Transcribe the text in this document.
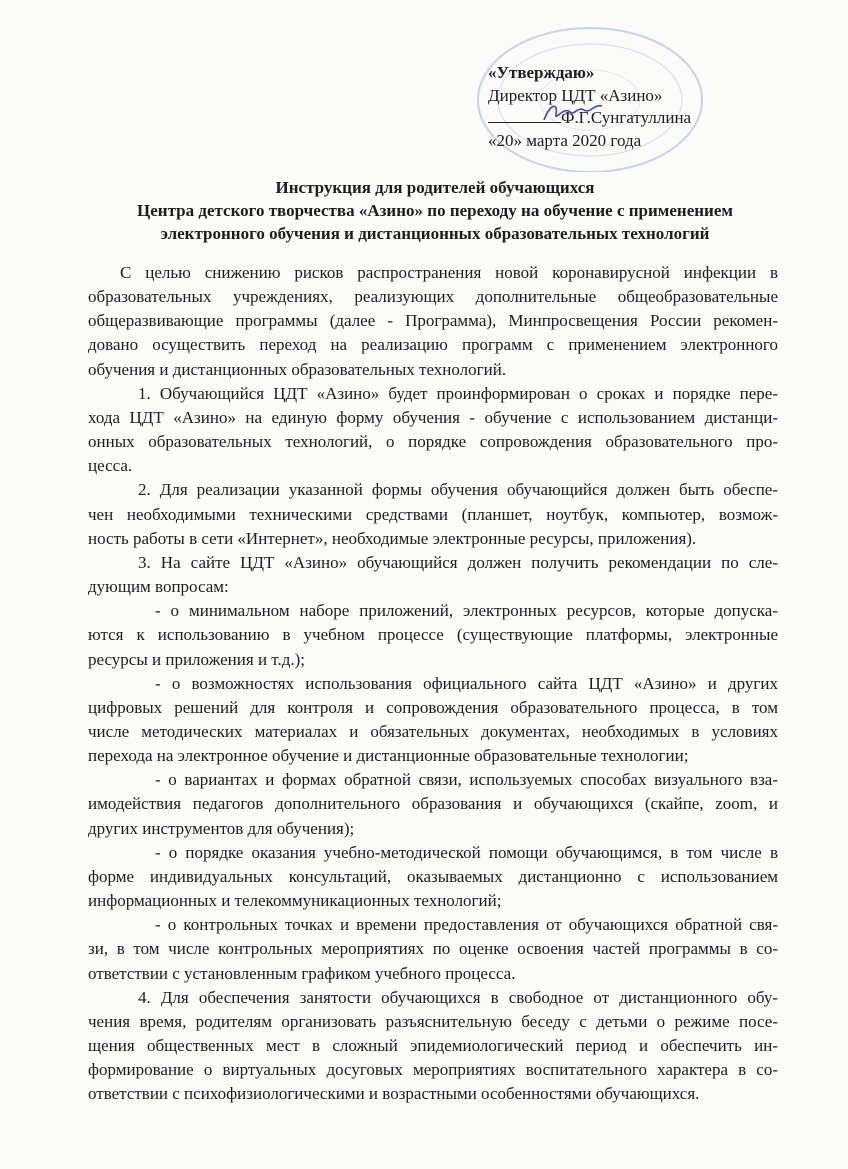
«Утверждаю»
Директор ЦДТ «Азино»
Ф.Г.Сунгатуллина
«20» марта 2020 года
Инструкция для родителей обучающихся
Центра детского творчества «Азино» по переходу на обучение с применением
электронного обучения и дистанционных образовательных технологий
С целью снижению рисков распространения новой коронавирусной инфекции в
образовательных учреждениях, реализующих дополнительные общеобразовательные
общеразвивающие программы (далее - Программа), Минпросвещения России рекомен-
довано осуществить переход на реализацию программ с применением электронного
обучения и дистанционных образовательных технологий.
1. Обучающийся ЦДТ «Азино» будет проинформирован о сроках и порядке пере-
хода ЦДТ «Азино» на единую форму обучения - обучение с использованием дистанци-
онных образовательных технологий, о порядке сопровождения образовательного про-
цесса.
2. Для реализации указанной формы обучения обучающийся должен быть обеспе-
чен необходимыми техническими средствами (планшет, ноутбук, компьютер, возмож-
ность работы в сети «Интернет», необходимые электронные ресурсы, приложения).
3. На сайте ЦДТ «Азино» обучающийся должен получить рекомендации по сле-
дующим вопросам:
- о минимальном наборе приложений, электронных ресурсов, которые допуска-
ются к использованию в учебном процессе (существующие платформы, электронные
ресурсы и приложения и т.д.);
- о возможностях использования официального сайта ЦДТ «Азино» и других
цифровых решений для контроля и сопровождения образовательного процесса, в том
числе методических материалах и обязательных документах, необходимых в условиях
перехода на электронное обучение и дистанционные образовательные технологии;
- о вариантах и формах обратной связи, используемых способах визуального вза-
имодействия педагогов дополнительного образования и обучающихся (скайпе, zoom, и
других инструментов для обучения);
- о порядке оказания учебно-методической помощи обучающимся, в том числе в
форме индивидуальных консультаций, оказываемых дистанционно с использованием
информационных и телекоммуникационных технологий;
- о контрольных точках и времени предоставления от обучающихся обратной свя-
зи, в том числе контрольных мероприятиях по оценке освоения частей программы в со-
ответствии с установленным графиком учебного процесса.
4. Для обеспечения занятости обучающихся в свободное от дистанционного обу-
чения время, родителям организовать разъяснительную беседу с детьми о режиме посе-
щения общественных мест в сложный эпидемиологический период и обеспечить ин-
формирование о виртуальных досуговых мероприятиях воспитательного характера в со-
ответствии с психофизиологическими и возрастными особенностями обучающихся.
